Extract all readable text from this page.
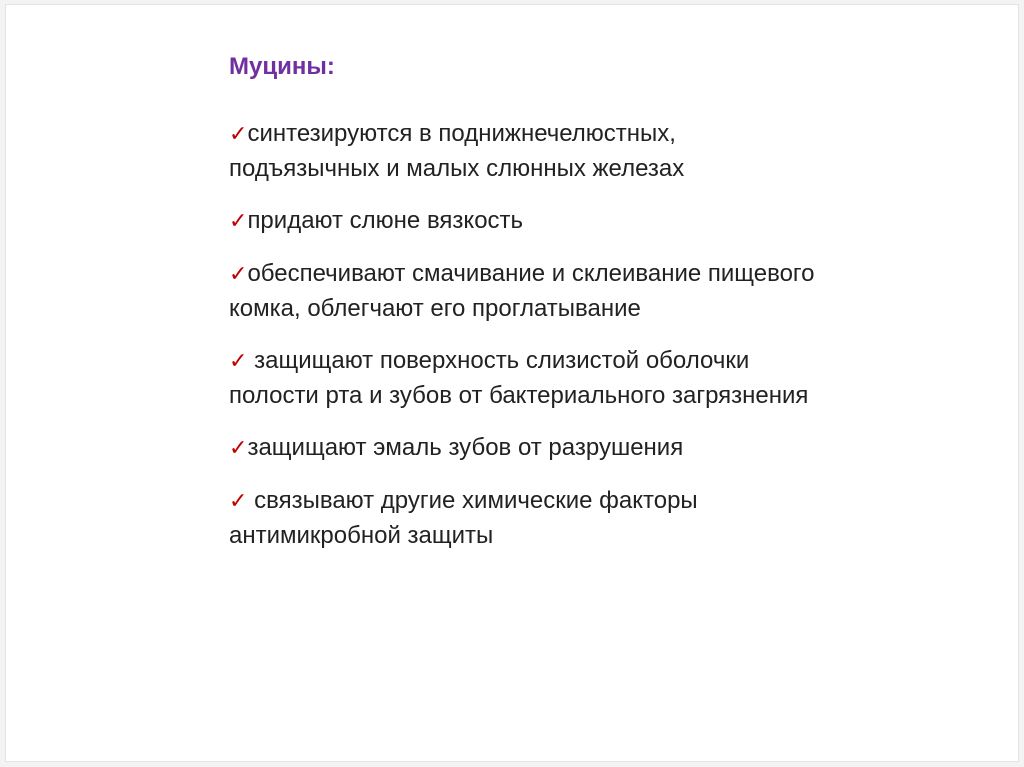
Муцины:
✓синтезируются в поднижнечелюстных, подъязычных и малых слюнных железах
✓придают слюне вязкость
✓обеспечивают смачивание и склеивание пищевого комка, облегчают его проглатывание
✓ защищают поверхность слизистой оболочки полости рта и зубов от бактериального загрязнения
✓защищают эмаль зубов от разрушения
✓ связывают другие химические факторы антимикробной защиты
